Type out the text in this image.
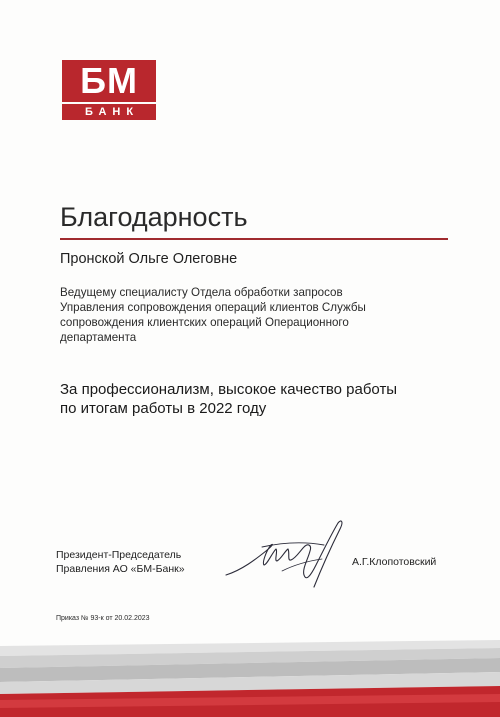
БМ
БАНК
Благодарность
Пронской Ольге Олеговне
Ведущему специалисту Отдела обработки запросов
Управления сопровождения операций клиентов Службы
сопровождения клиентских операций Операционного
департамента
За профессионализм, высокое качество работы
по итогам работы в 2022 году
Президент-Председатель
Правления АО «БМ-Банк»
А.Г.Клопотовский
Приказ № 93-к от 20.02.2023
